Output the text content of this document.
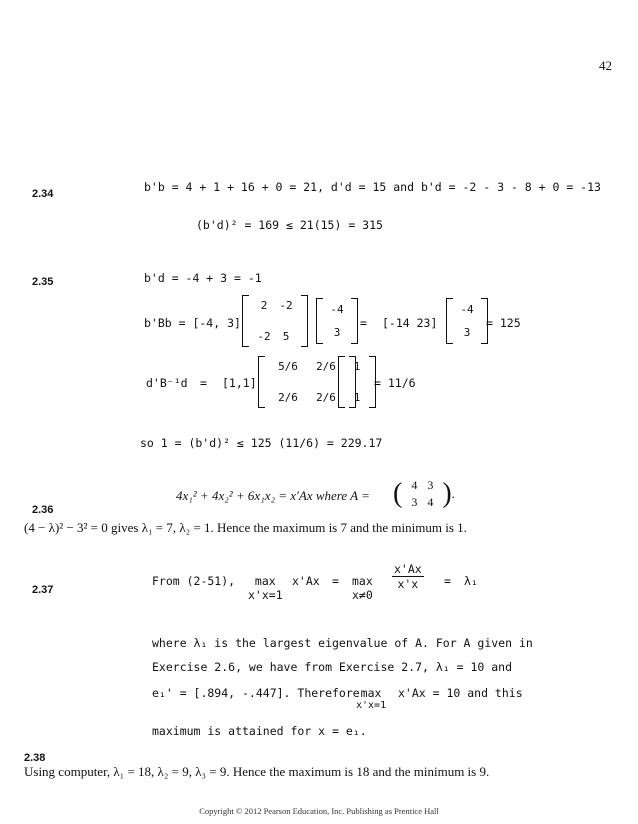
42
2.34	b'b = 4 + 1 + 16 + 0 = 21, d'd = 15 and b'd = -2 - 3 - 8 + 0 = -13
(b'd)² = 169 ≤ 21(15) = 315
2.35	b'd = -4 + 3 = -1
b'Bb = [-4, 3]
2	-2
-2	5
-4
3
= [-14 23]
-4
3
= 125
d'B⁻¹d = [1,1]
5/6	2/6
2/6	2/6
1
1
= 11/6
so 1 = (b'd)² ≤ 125 (11/6) = 229.17
2.36
4x₁² + 4x₂² + 6x₁x₂ = x′Ax where A = ( 4 3
3 4 ) .
(4 − λ)² − 3² = 0 gives λ₁ = 7, λ₂ = 1. Hence the maximum is 7 and the minimum is 1.
2.37
From (2-51),	max
x'x=1
x'Ax = max
x≠0
$\frac{x'Ax}{x'x} = \lambda_1$
where λ₁ is the largest eigenvalue of A. For A given in
Exercise 2.6, we have from Exercise 2.7, λ₁ = 10 and
e₁' = [.894, -.447]. Therefore max
x'x=1
x'Ax = 10 and this
maximum is attained for x = e₁.
2.38
Using computer, λ₁ = 18, λ₂ = 9, λ₃ = 9. Hence the maximum is 18 and the minimum is 9.
Copyright © 2012 Pearson Education, Inc. Publishing as Prentice Hall
